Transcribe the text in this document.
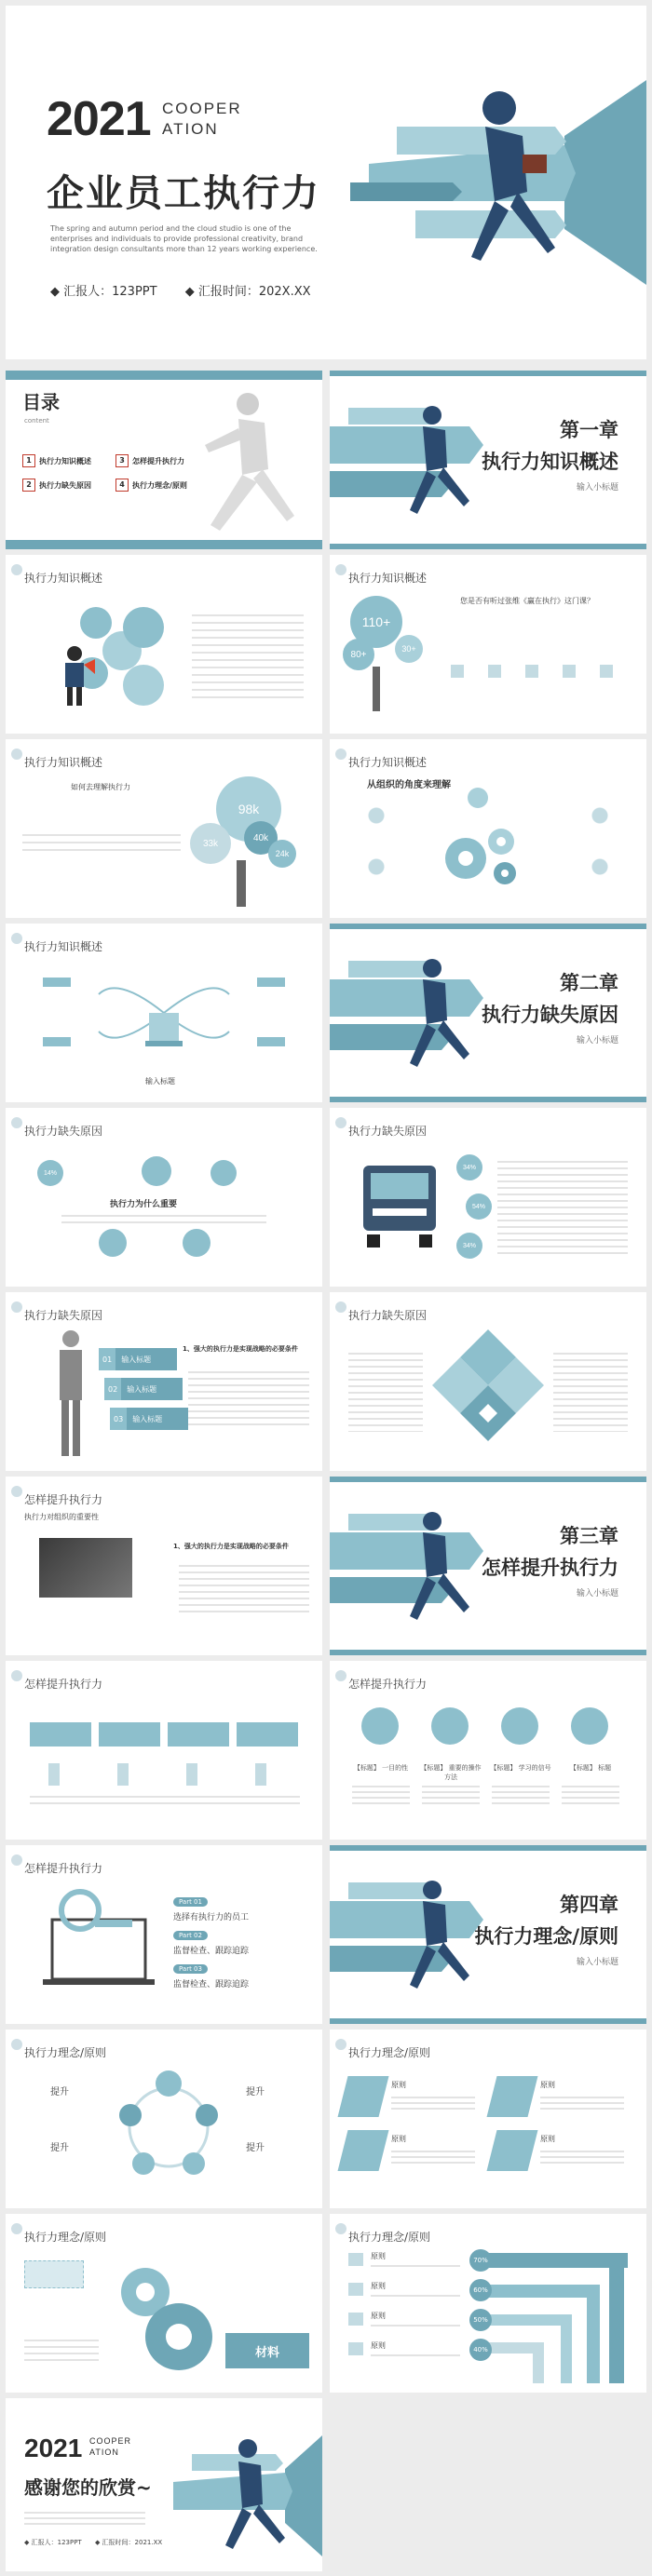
2021 COOPER
ATION
企业员工执行力
The spring and autumn period and the cloud studio is one of the enterprises and individuals to provide professional creativity, brand integration design consultants more than 12 years working experience.
◆ 汇报人：123PPT ◆ 汇报时间：202X.XX
目录
content
1	执行力知识概述	3	怎样提升执行力
2	执行力缺失原因	4	执行力理念/原则
第一章
执行力知识概述
输入小标题
执行力知识概述	执行力知识概述
您是否有听过张维《赢在执行》这门课？
110+
80+
30+
执行力知识概述
如何去理解执行力
98k
33k
40k
24k
执行力知识概述
从组织的角度来理解
执行力知识概述
输入标题
第二章
执行力缺失原因
输入小标题
执行力缺失原因
14%
执行力为什么重要
执行力缺失原因
34%
54%
34%
执行力缺失原因
01	输入标题
02	输入标题
03	输入标题
1、强大的执行力是实现战略的必要条件
执行力缺失原因
怎样提升执行力
执行力对组织的重要性
1、强大的执行力是实现战略的必要条件	第三章
怎样提升执行力
输入小标题
怎样提升执行力	怎样提升执行力
【标题】 一目的性	【标题】 重要的操作方法
【标题】 学习的信号	【标题】 标题
怎样提升执行力
Part 01
选择有执行力的员工
Part 02
监督检查、跟踪追踪
Part 03
监督检查、跟踪追踪
第四章
执行力理念/原则
输入小标题
执行力理念/原则
提升	提升
提升	提升
执行力理念/原则
原则	原则
原则	原则
执行力理念/原则
材料
执行力理念/原则
70%
原则
60%
原则
50%
原则
40%
原则
2021 COOPER
ATION
感谢您的欣赏~
◆ 汇报人：123PPT ◆ 汇报时间：2021.XX
